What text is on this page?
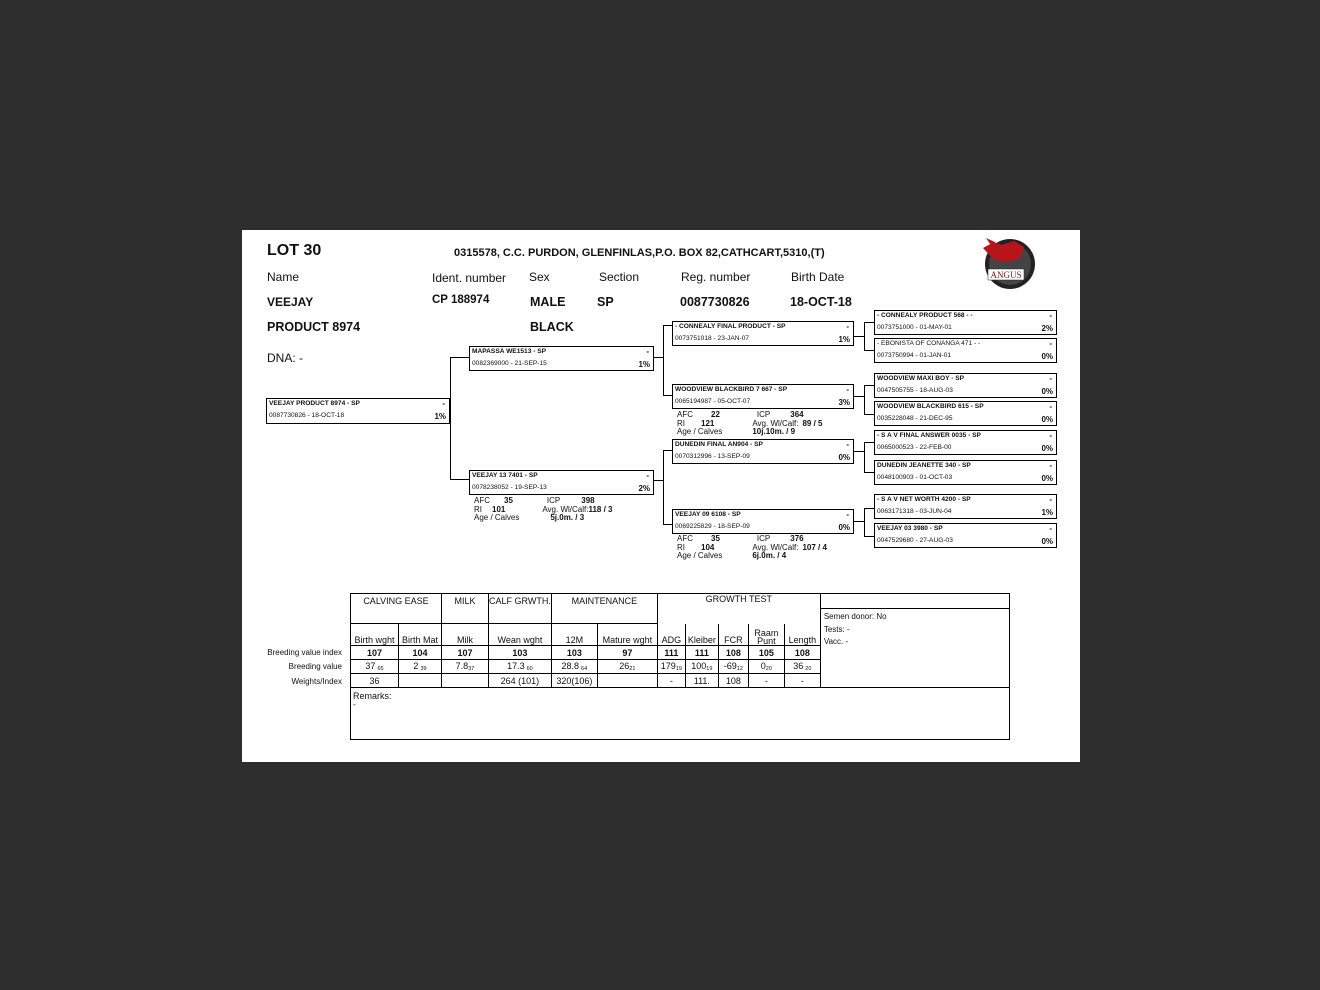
LOT 30	0315578, C.C. PURDON, GLENFINLAS,P.O. BOX 82,CATHCART,5310,(T)
Name	Ident. number Sex	Section	Reg. number	Birth Date
VEEJAY	CP 188974	MALE	SP	0087730826	18-OCT-18
PRODUCT 8974	BLACK
DNA: -
ANGUS
VEEJAY PRODUCT 8974 - SP	-
0087730826 - 18-OCT-18	1%
MAPASSA WE1513 - SP	-
0082369000 - 21-SEP-15	1%
VEEJAY 13 7401 - SP	-
0078238052 - 19-SEP-13	2%
- CONNEALY FINAL PRODUCT - SP	-
0073751018 - 23-JAN-07	1%
WOODVIEW BLACKBIRD 7 667 - SP	-
0065194987 - 05-OCT-07	3%
DUNEDIN FINAL AN904 - SP	-
0070312996 - 13-SEP-09	0%
VEEJAY 09 6108 - SP	-
0069225829 - 18-SEP-09	0%
- CONNEALY PRODUCT 568 - -	-
0073751000 - 01-MAY-01	2%
- EBONISTA OF CONANGA 471 - -	-
0073750994 - 01-JAN-01	0%
WOODVIEW MAXI BOY - SP	-
0047505755 - 18-AUG-03	0%
WOODVIEW BLACKBIRD 615 - SP	-
0035228048 - 21-DEC-95	0%
- S A V FINAL ANSWER 0035 - SP	-
0065000523 - 22-FEB-00	0%
DUNEDIN JEANETTE 340 - SP	-
0048100903 - 01-OCT-03	0%
- S A V NET WORTH 4200 - SP	-
0063171318 - 03-JUN-04	1%
VEEJAY 03 3980 - SP	-
0047529680 - 27-AUG-03	0%
AFC 35	ICP	398
RI 101	Avg. Wl/Calf:118 / 3
Age / Calves	5j.0m. / 3
AFC 22	ICP	364
RI 121	Avg. Wl/Calf: 89 / 5
Age / Calves	10j.10m. / 9
AFC 35	ICP	376
RI 104	Avg. Wl/Calf: 107 / 4
Age / Calves	6j.0m. / 4
Breeding value index
Breeding value
Weights/Index
CALVING EASE		MILK	CALF GRWTH.	MAINTENANCE		GROWTH TEST					Semen donor: No
Tests: -
Vacc. -

Birth wght	Birth Mat	Milk	Wean wght	12M	Mature wght	ADG	Kleiber	FCR	Raam Punt	Length	
107	104	107	103	103	97	111	111	108	105	108	
37 65	2 39	7.837	17.3 60	28.8 64	2621	17919	10019	-6912	020	36 20	
36			264 (101)	320(106)		-	111.	108	-	-	

Remarks:
-											
